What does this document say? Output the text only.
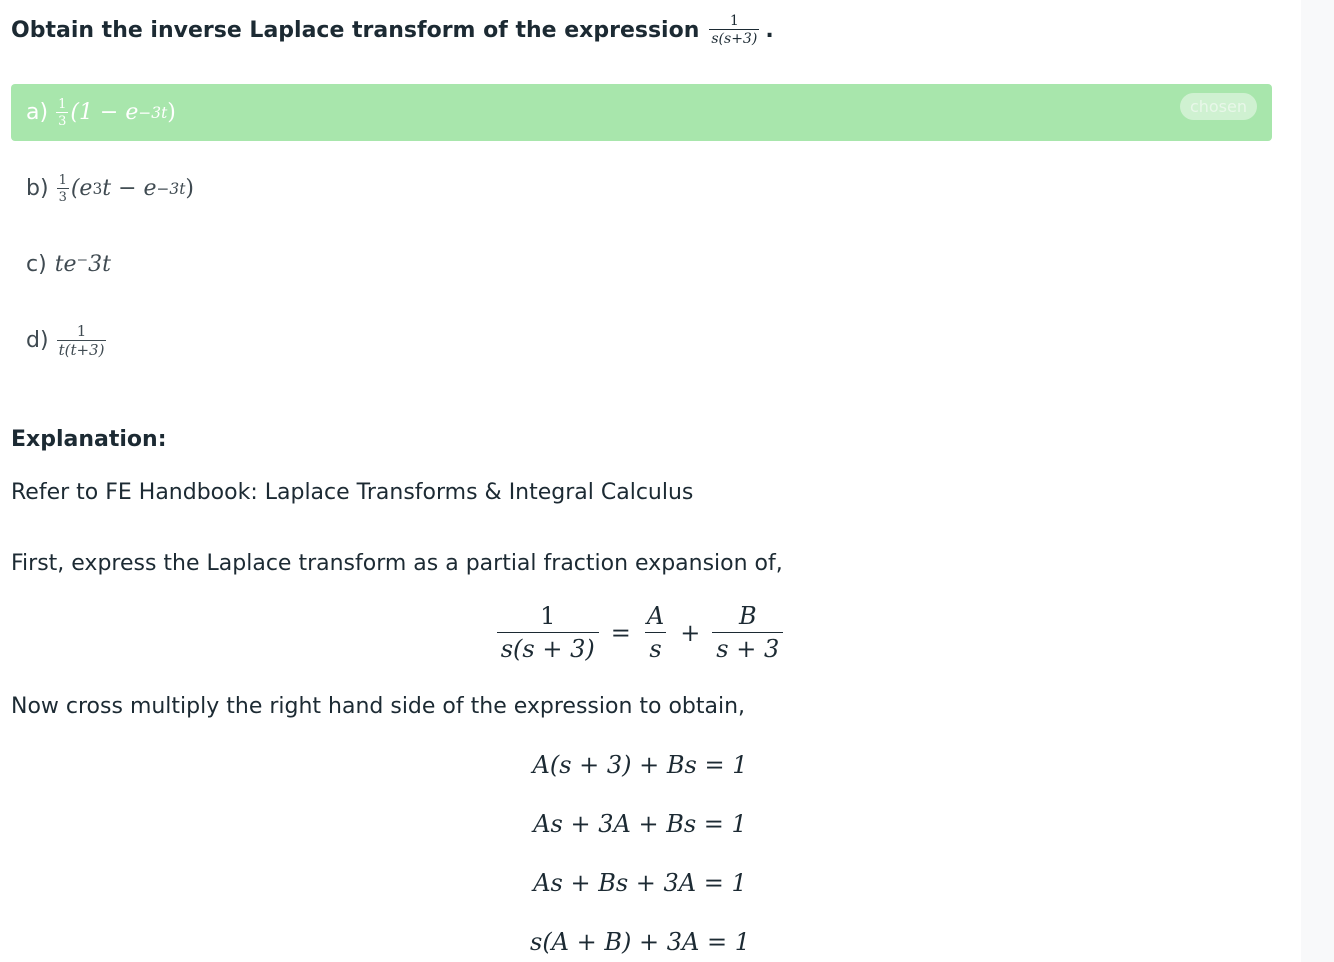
Obtain the inverse Laplace transform of the expression $\frac{1}{s(s+3)}$ .
$a) \frac{1}{3} (1 - e -3t$ )	chosen
$b) \frac{1}{3} (e$ 3 t − e −3t )
c) te⁻3t
$d) \frac{1}{t(t+3)}$
Explanation:
Refer to FE Handbook: Laplace Transforms & Integral Calculus
First, express the Laplace transform as a partial fraction expansion of,
$\frac{1}{s(s + 3)} = \frac{A}{s} + \frac{B}{s + 3}$
Now cross multiply the right hand side of the expression to obtain,
A(s + 3) + Bs = 1
As + 3A + Bs = 1
As + Bs + 3A = 1
s(A + B) + 3A = 1
